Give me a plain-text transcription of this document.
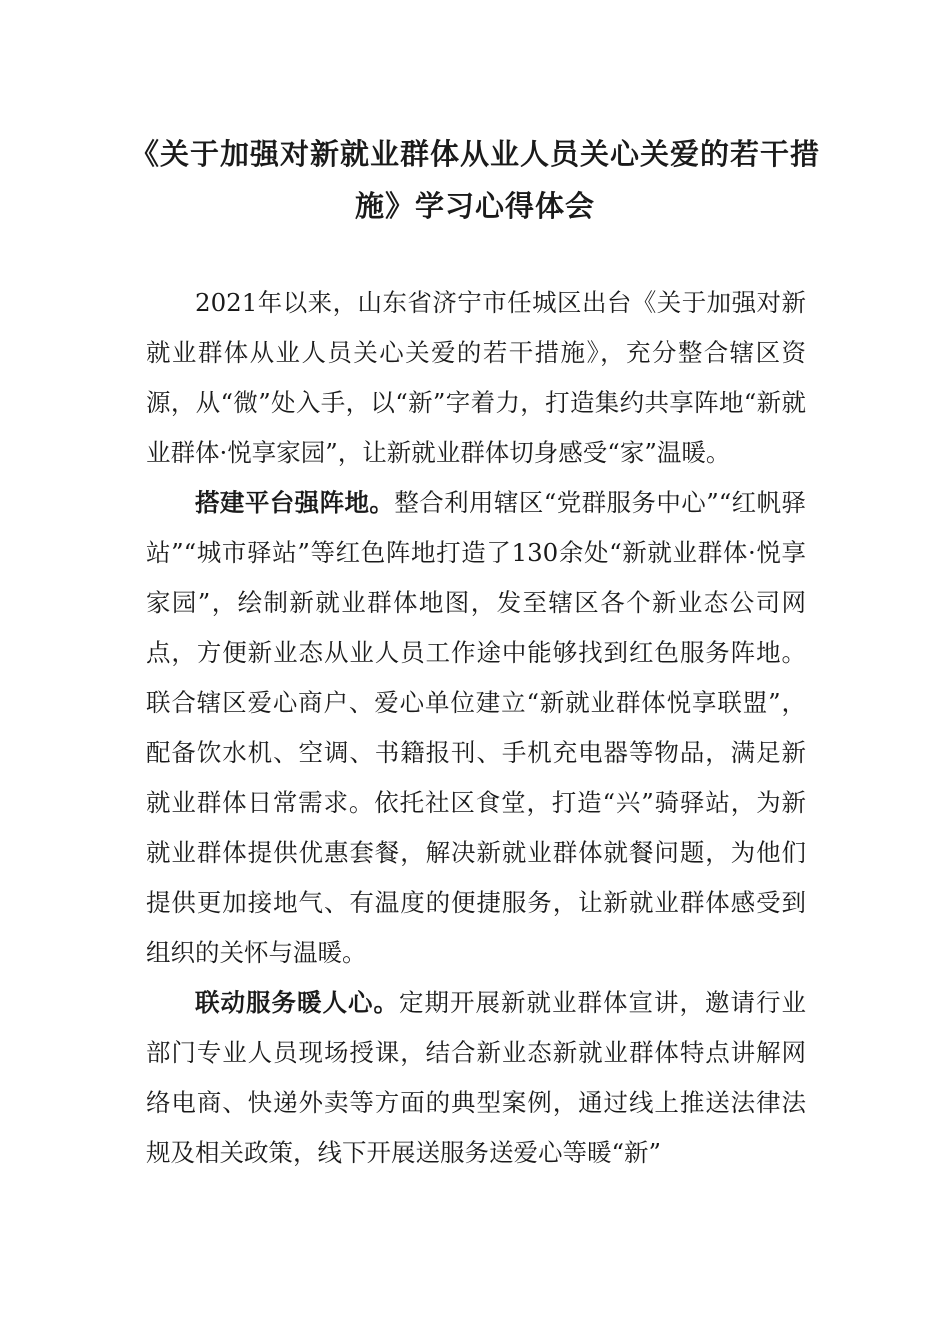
《关于加强对新就业群体从业人员关心关爱的若干措施》学习心得体会

2021年以来，山东省济宁市任城区出台《关于加强对新就业群体从业人员关心关爱的若干措施》，充分整合辖区资源，从“微”处入手，以“新”字着力，打造集约共享阵地“新就业群体·悦享家园”，让新就业群体切身感受“家”温暖。

搭建平台强阵地。整合利用辖区“党群服务中心”“红帆驿站”“城市驿站”等红色阵地打造了130余处“新就业群体·悦享家园”，绘制新就业群体地图，发至辖区各个新业态公司网点，方便新业态从业人员工作途中能够找到红色服务阵地。联合辖区爱心商户、爱心单位建立“新就业群体悦享联盟”，配备饮水机、空调、书籍报刊、手机充电器等物品，满足新就业群体日常需求。依托社区食堂，打造“兴”骑驿站，为新就业群体提供优惠套餐，解决新就业群体就餐问题，为他们提供更加接地气、有温度的便捷服务，让新就业群体感受到组织的关怀与温暖。

联动服务暖人心。定期开展新就业群体宣讲，邀请行业部门专业人员现场授课，结合新业态新就业群体特点讲解网络电商、快递外卖等方面的典型案例，通过线上推送法律法规及相关政策，线下开展送服务送爱心等暖“新”
